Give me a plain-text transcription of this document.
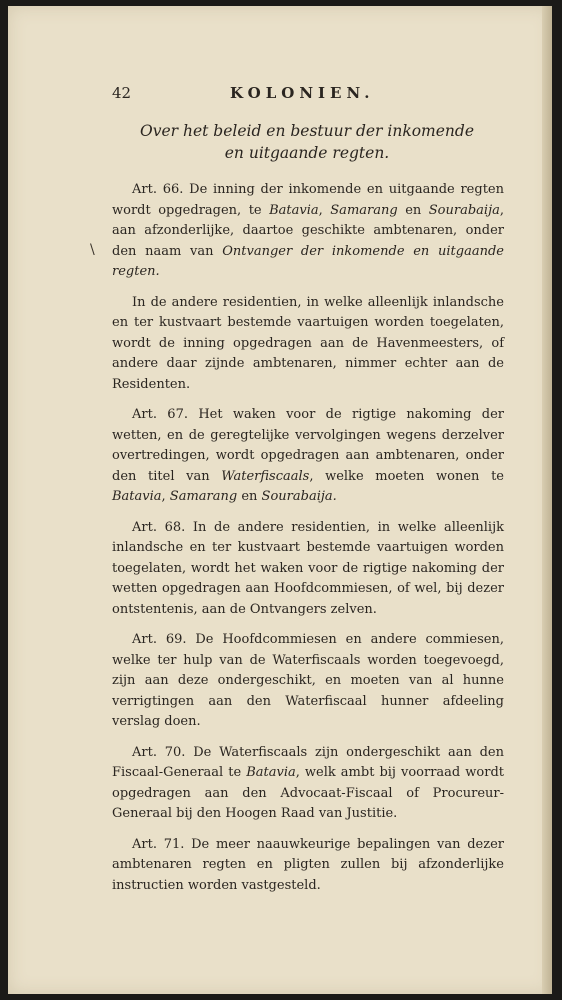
42	KOLONIEN.
Over het beleid en bestuur der inkomende
en uitgaande regten.
\

Art. 66. De inning der inkomende en uitgaande regten wordt opgedragen, te Batavia, Samarang en Sourabaija, aan afzonderlijke, daartoe geschikte ambtenaren, onder den naam van Ontvanger der inkomende en uitgaande regten.

In de andere residentien, in welke alleenlijk inlandsche en ter kustvaart bestemde vaartuigen worden toegelaten, wordt de inning opgedragen aan de Havenmeesters, of andere daar zijnde ambtenaren, nimmer echter aan de Residenten.

Art. 67. Het waken voor de rigtige nakoming der wetten, en de geregtelijke vervolgingen wegens derzelver overtredingen, wordt opgedragen aan ambtenaren, onder den titel van Waterfiscaals, welke moeten wonen te Batavia, Samarang en Sourabaija.

Art. 68. In de andere residentien, in welke alleenlijk inlandsche en ter kustvaart bestemde vaartuigen worden toegelaten, wordt het waken voor de rigtige nakoming der wetten opgedragen aan Hoofdcommiesen, of wel, bij dezer ontstentenis, aan de Ontvangers zelven.

Art. 69. De Hoofdcommiesen en andere commiesen, welke ter hulp van de Waterfiscaals worden toegevoegd, zijn aan deze ondergeschikt, en moeten van al hunne verrigtingen aan den Waterfiscaal hunner afdeeling verslag doen.

Art. 70. De Waterfiscaals zijn ondergeschikt aan den Fiscaal-Generaal te Batavia, welk ambt bij voorraad wordt opgedragen aan den Advocaat-Fiscaal of Procureur-Generaal bij den Hoogen Raad van Justitie.

Art. 71. De meer naauwkeurige bepalingen van dezer ambtenaren regten en pligten zullen bij afzonderlijke instructien worden vastgesteld.
